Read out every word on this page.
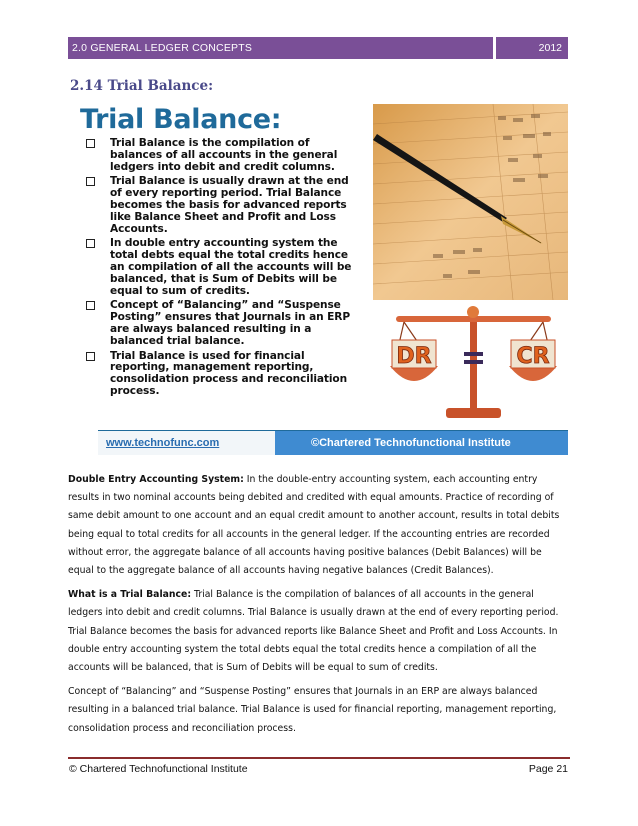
2.0 GENERAL LEDGER CONCEPTS	2012
2.14 Trial Balance:
Trial Balance:
Trial Balance is the compilation of balances of all accounts in the general ledgers into debit and credit columns.
Trial Balance is usually drawn at the end of every reporting period. Trial Balance becomes the basis for advanced reports like Balance Sheet and Profit and Loss Accounts.
In double entry accounting system the total debts equal the total credits hence an compilation of all the accounts will be balanced, that is Sum of Debits will be equal to sum of credits.
Concept of “Balancing” and “Suspense Posting” ensures that Journals in an ERP are always balanced resulting in a balanced trial balance.
Trial Balance is used for financial reporting, management reporting, consolidation process and reconciliation process.
DR	CR
www.technofunc.com	©Chartered Technofunctional Institute

Double Entry Accounting System: In the double-entry accounting system, each accounting entry results in two nominal accounts being debited and credited with equal amounts. Practice of recording of same debit amount to one account and an equal credit amount to another account, results in total debits being equal to total credits for all accounts in the general ledger. If the accounting entries are recorded without error, the aggregate balance of all accounts having positive balances (Debit Balances) will be equal to the aggregate balance of all accounts having negative balances (Credit Balances).

What is a Trial Balance: Trial Balance is the compilation of balances of all accounts in the general ledgers into debit and credit columns. Trial Balance is usually drawn at the end of every reporting period. Trial Balance becomes the basis for advanced reports like Balance Sheet and Profit and Loss Accounts. In double entry accounting system the total debts equal the total credits hence a compilation of all the accounts will be balanced, that is Sum of Debits will be equal to sum of credits.

Concept of “Balancing” and “Suspense Posting” ensures that Journals in an ERP are always balanced resulting in a balanced trial balance. Trial Balance is used for financial reporting, management reporting, consolidation process and reconciliation process.

© Chartered Technofunctional Institute	Page 21
